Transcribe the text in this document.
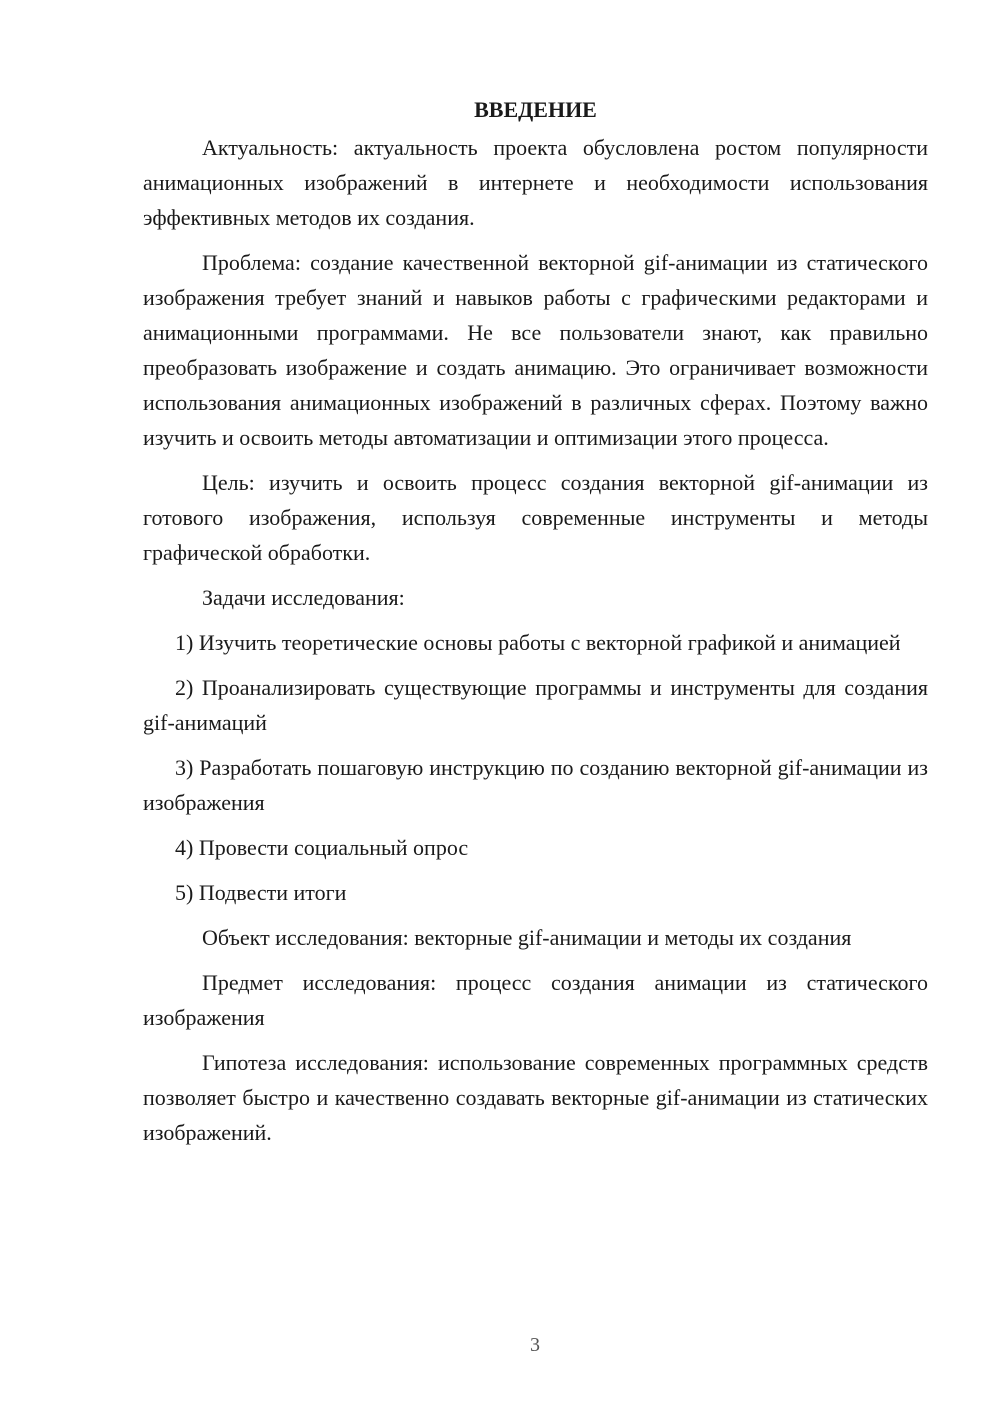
ВВЕДЕНИЕ

Актуальность: актуальность проекта обусловлена ростом популярности анимационных изображений в интернете и необходимости использования эффективных методов их создания.

Проблема: создание качественной векторной gif-анимации из статического изображения требует знаний и навыков работы с графическими редакторами и анимационными программами. Не все пользователи знают, как правильно преобразовать изображение и создать анимацию. Это ограничивает возможности использования анимационных изображений в различных сферах. Поэтому важно изучить и освоить методы автоматизации и оптимизации этого процесса.

Цель: изучить и освоить процесс создания векторной gif-анимации из готового изображения, используя современные инструменты и методы графической обработки.

Задачи исследования:

1) Изучить теоретические основы работы с векторной графикой и анимацией

2) Проанализировать существующие программы и инструменты для создания gif-анимаций

3) Разработать пошаговую инструкцию по созданию векторной gif-анимации из изображения

4) Провести социальный опрос

5) Подвести итоги

Объект исследования: векторные gif-анимации и методы их создания

Предмет исследования: процесс создания анимации из статического изображения

Гипотеза исследования: использование современных программных средств позволяет быстро и качественно создавать векторные gif-анимации из статических изображений.

3
